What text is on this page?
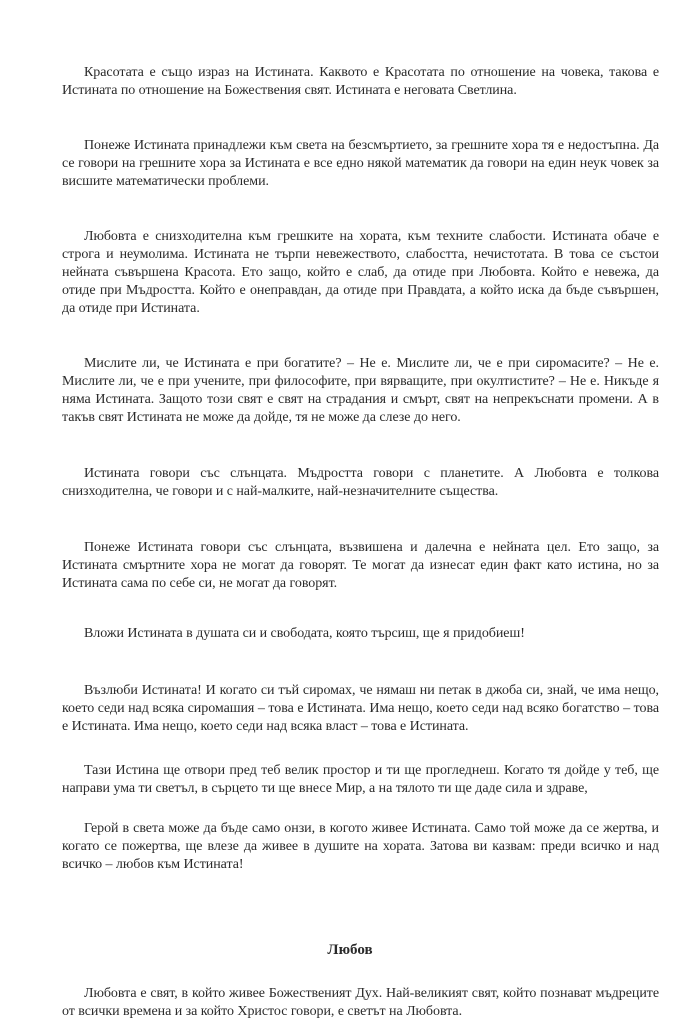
Красотата е също израз на Истината. Каквото е Красотата по отношение на човека, такова е Истината по отношение на Божествения свят. Истината е неговата Светлина.

Понеже Истината принадлежи към света на безсмъртието, за грешните хора тя е недостъпна. Да се говори на грешните хора за Истината е все едно някой математик да говори на един неук човек за висшите математически проблеми.

Любовта е снизходителна към грешките на хората, към техните слабости. Истината обаче е строга и неумолима. Истината не търпи невежеството, слабостта, нечистотата. В това се състои нейната съвършена Красота. Ето защо, който е слаб, да отиде при Любовта. Който е невежа, да отиде при Мъдростта. Който е онеправдан, да отиде при Правдата, а който иска да бъде съвършен, да отиде при Истината.

Мислите ли, че Истината е при богатите? – Не е. Мислите ли, че е при сиромасите? – Не е. Мислите ли, че е при учените, при философите, при вярващите, при окултистите? – Не е. Никъде я няма Истината. Защото този свят е свят на страдания и смърт, свят на непрекъснати промени. А в такъв свят Истината не може да дойде, тя не може да слезе до него.

Истината говори със слънцата. Мъдростта говори с планетите. А Любовта е толкова снизходителна, че говори и с най-малките, най-незначителните същества.

Понеже Истината говори със слънцата, възвишена и далечна е нейната цел. Ето защо, за Истината смъртните хора не могат да говорят. Те могат да изнесат един факт като истина, но за Истината сама по себе си, не могат да говорят.

Вложи Истината в душата си и свободата, която търсиш, ще я придобиеш!

Възлюби Истината! И когато си тъй сиромах, че нямаш ни петак в джоба си, знай, че има нещо, което седи над всяка сиромашия – това е Истината. Има нещо, което седи над всяко богатство – това е Истината. Има нещо, което седи над всяка власт – това е Истината.

Тази Истина ще отвори пред теб велик простор и ти ще прогледнеш. Когато тя дойде у теб, ще направи ума ти светъл, в сърцето ти ще внесе Мир, а на тялото ти ще даде сила и здраве,

Герой в света може да бъде само онзи, в когото живее Истината. Само той може да се жертва, и когато се пожертва, ще влезе да живее в душите на хората. Затова ви казвам: преди всичко и над всичко – любов към Истината!

Любов

Любовта е свят, в който живее Божественият Дух. Най-великият свят, който познават мъдреците от всички времена и за който Христос говори, е светът на Любовта.
